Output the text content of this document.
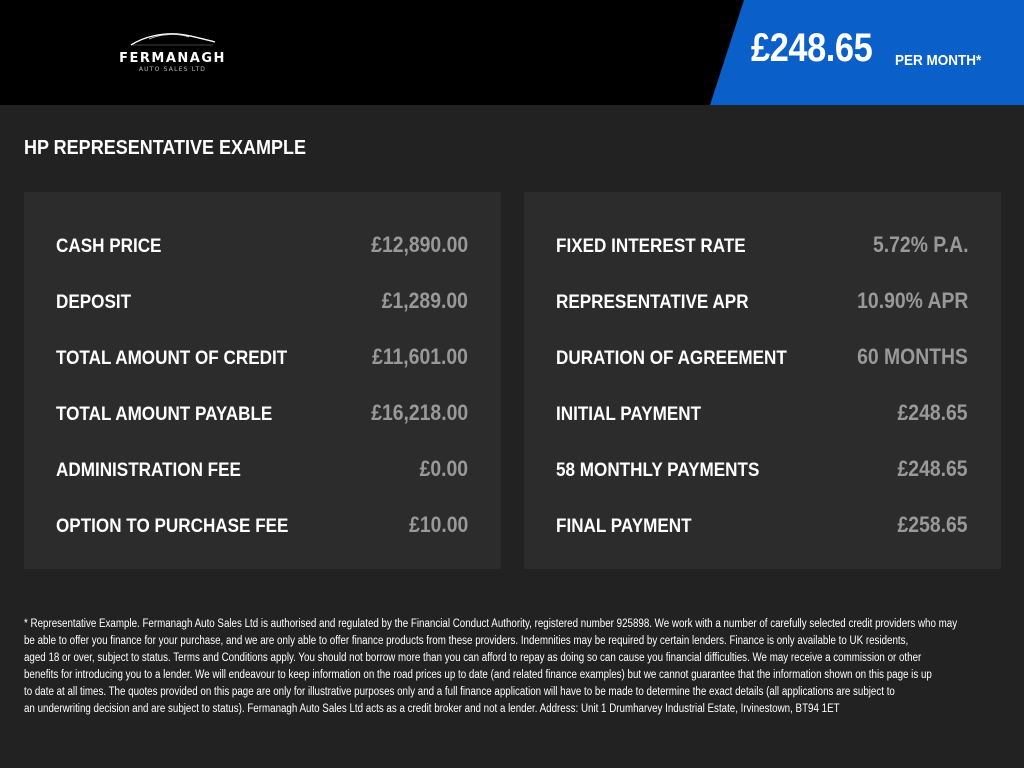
FERMANAGH
AUTO SALES LTD	£248.65 PER MONTH*
HP REPRESENTATIVE EXAMPLE
CASH PRICE	£12,890.00
DEPOSIT	£1,289.00
TOTAL AMOUNT OF CREDIT	£11,601.00
TOTAL AMOUNT PAYABLE	£16,218.00
ADMINISTRATION FEE	£0.00
OPTION TO PURCHASE FEE	£10.00
FIXED INTEREST RATE	5.72% P.A.
REPRESENTATIVE APR	10.90% APR
DURATION OF AGREEMENT	60 MONTHS
INITIAL PAYMENT	£248.65
58 MONTHLY PAYMENTS	£248.65
FINAL PAYMENT	£258.65
* Representative Example. Fermanagh Auto Sales Ltd is authorised and regulated by the Financial Conduct Authority, registered number 925898. We work with a number of carefully selected credit providers who may
be able to offer you finance for your purchase, and we are only able to offer finance products from these providers. Indemnities may be required by certain lenders. Finance is only available to UK residents,
aged 18 or over, subject to status. Terms and Conditions apply. You should not borrow more than you can afford to repay as doing so can cause you financial difficulties. We may receive a commission or other
benefits for introducing you to a lender. We will endeavour to keep information on the road prices up to date (and related finance examples) but we cannot guarantee that the information shown on this page is up
to date at all times. The quotes provided on this page are only for illustrative purposes only and a full finance application will have to be made to determine the exact details (all applications are subject to
an underwriting decision and are subject to status). Fermanagh Auto Sales Ltd acts as a credit broker and not a lender. Address: Unit 1 Drumharvey Industrial Estate, Irvinestown, BT94 1ET
